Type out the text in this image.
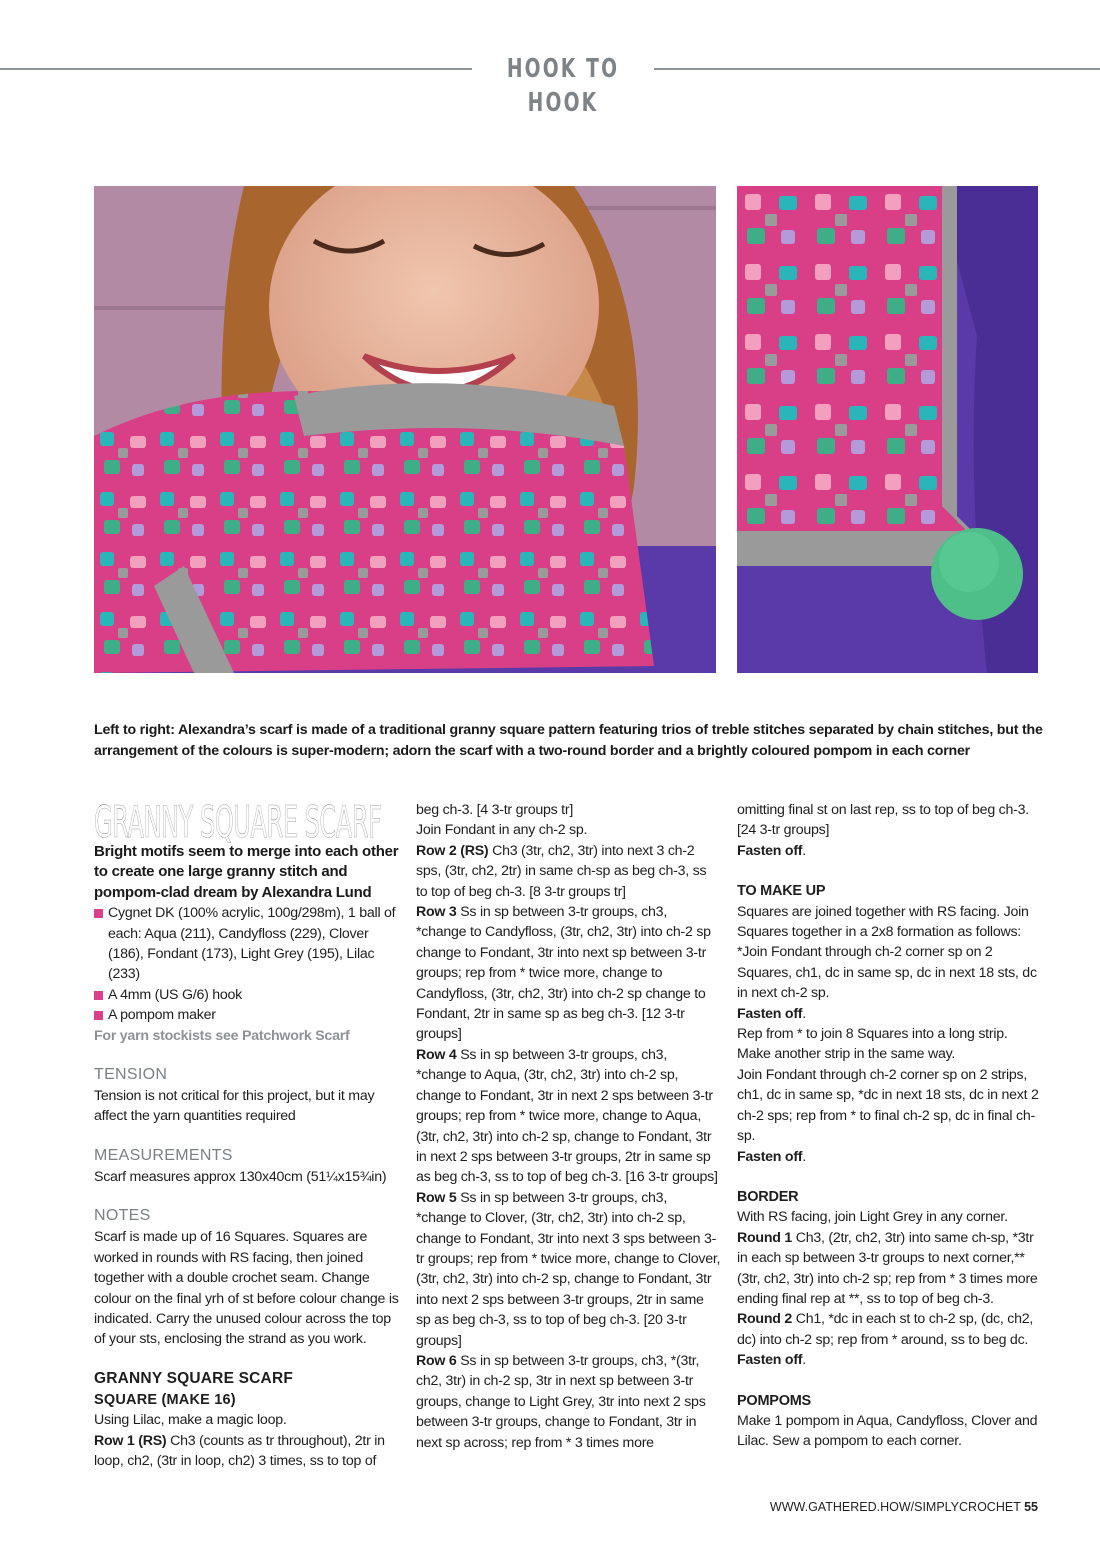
HOOK TO HOOK
Left to right: Alexandra’s scarf is made of a traditional granny square pattern featuring trios of treble stitches separated by chain stitches, but the arrangement of the colours is super-modern; adorn the scarf with a two-round border and a brightly coloured pompom in each corner
GRANNY SQUARE SCARF

Bright motifs seem to merge into each other to create one large granny stitch and pompom-clad dream by Alexandra Lund

Cygnet DK (100% acrylic, 100g/298m), 1 ball of each: Aqua (211), Candyfloss (229), Clover (186), Fondant (173), Light Grey (195), Lilac (233)
A 4mm (US G/6) hook
A pompom maker

For yarn stockists see Patchwork Scarf

TENSION

Tension is not critical for this project, but it may affect the yarn quantities required

MEASUREMENTS

Scarf measures approx 130x40cm (51¼x15¾in)

NOTES

Scarf is made up of 16 Squares. Squares are worked in rounds with RS facing, then joined together with a double crochet seam. Change colour on the final yrh of st before colour change is indicated. Carry the unused colour across the top of your sts, enclosing the strand as you work.

GRANNY SQUARE SCARF
SQUARE (MAKE 16)

Using Lilac, make a magic loop.

Row 1 (RS) Ch3 (counts as tr throughout), 2tr in loop, ch2, (3tr in loop, ch2) 3 times, ss to top of

beg ch-3. [4 3-tr groups tr]

Join Fondant in any ch-2 sp.

Row 2 (RS) Ch3 (3tr, ch2, 3tr) into next 3 ch-2 sps, (3tr, ch2, 2tr) in same ch-sp as beg ch-3, ss to top of beg ch-3. [8 3-tr groups tr]

Row 3 Ss in sp between 3-tr groups, ch3, *change to Candyfloss, (3tr, ch2, 3tr) into ch-2 sp change to Fondant, 3tr into next sp between 3-tr groups; rep from * twice more, change to Candyfloss, (3tr, ch2, 3tr) into ch-2 sp change to Fondant, 2tr in same sp as beg ch-3. [12 3-tr groups]

Row 4 Ss in sp between 3-tr groups, ch3, *change to Aqua, (3tr, ch2, 3tr) into ch-2 sp, change to Fondant, 3tr in next 2 sps between 3-tr groups; rep from * twice more, change to Aqua, (3tr, ch2, 3tr) into ch-2 sp, change to Fondant, 3tr in next 2 sps between 3-tr groups, 2tr in same sp as beg ch-3, ss to top of beg ch-3. [16 3-tr groups]

Row 5 Ss in sp between 3-tr groups, ch3, *change to Clover, (3tr, ch2, 3tr) into ch-2 sp, change to Fondant, 3tr into next 3 sps between 3-tr groups; rep from * twice more, change to Clover, (3tr, ch2, 3tr) into ch-2 sp, change to Fondant, 3tr into next 2 sps between 3-tr groups, 2tr in same sp as beg ch-3, ss to top of beg ch-3. [20 3-tr groups]

Row 6 Ss in sp between 3-tr groups, ch3, *(3tr, ch2, 3tr) in ch-2 sp, 3tr in next sp between 3-tr groups, change to Light Grey, 3tr into next 2 sps between 3-tr groups, change to Fondant, 3tr in next sp across; rep from * 3 times more

omitting final st on last rep, ss to top of beg ch-3. [24 3-tr groups]

Fasten off.

TO MAKE UP

Squares are joined together with RS facing. Join Squares together in a 2x8 formation as follows: *Join Fondant through ch-2 corner sp on 2 Squares, ch1, dc in same sp, dc in next 18 sts, dc in next ch-2 sp.

Fasten off.

Rep from * to join 8 Squares into a long strip. Make another strip in the same way.

Join Fondant through ch-2 corner sp on 2 strips, ch1, dc in same sp, *dc in next 18 sts, dc in next 2 ch-2 sps; rep from * to final ch-2 sp, dc in final ch-sp.

Fasten off.

BORDER

With RS facing, join Light Grey in any corner.

Round 1 Ch3, (2tr, ch2, 3tr) into same ch-sp, *3tr in each sp between 3-tr groups to next corner,** (3tr, ch2, 3tr) into ch-2 sp; rep from * 3 times more ending final rep at **, ss to top of beg ch-3.

Round 2 Ch1, *dc in each st to ch-2 sp, (dc, ch2, dc) into ch-2 sp; rep from * around, ss to beg dc.

Fasten off.

POMPOMS

Make 1 pompom in Aqua, Candyfloss, Clover and Lilac. Sew a pompom to each corner.

WWW.GATHERED.HOW/SIMPLYCROCHET 55
